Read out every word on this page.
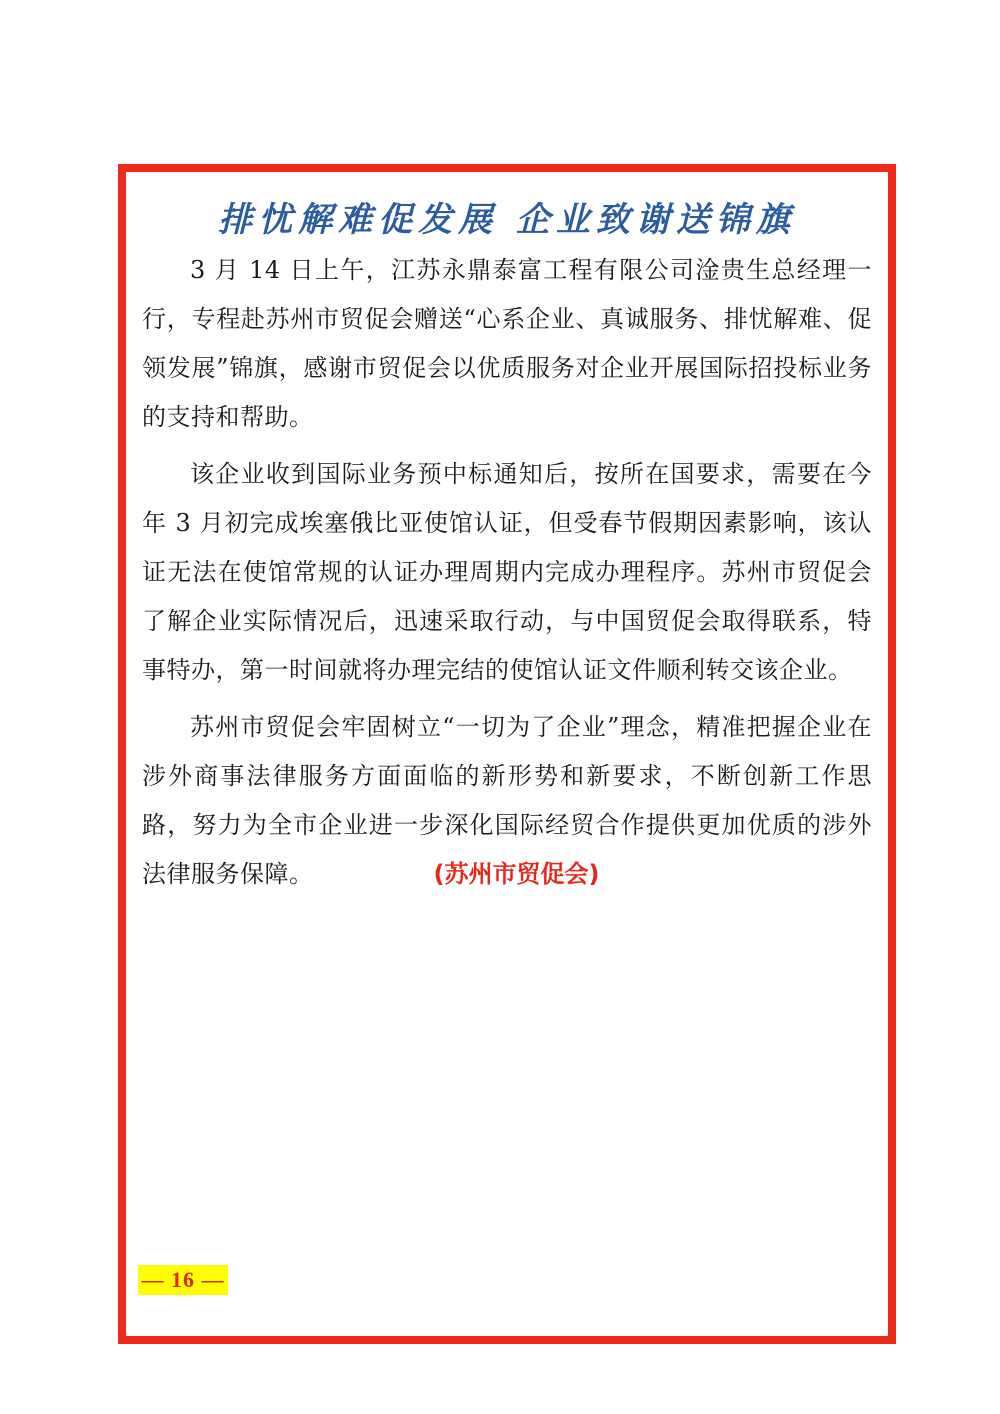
排忧解难促发展 企业致谢送锦旗

3 月 14 日上午，江苏永鼎泰富工程有限公司淦贵生总经理一行，专程赴苏州市贸促会赠送“心系企业、真诚服务、排忧解难、促领发展”锦旗，感谢市贸促会以优质服务对企业开展国际招投标业务的支持和帮助。

该企业收到国际业务预中标通知后，按所在国要求，需要在今年 3 月初完成埃塞俄比亚使馆认证，但受春节假期因素影响，该认证无法在使馆常规的认证办理周期内完成办理程序。苏州市贸促会了解企业实际情况后，迅速采取行动，与中国贸促会取得联系，特事特办，第一时间就将办理完结的使馆认证文件顺利转交该企业。

苏州市贸促会牢固树立“一切为了企业”理念，精准把握企业在涉外商事法律服务方面面临的新形势和新要求，不断创新工作思路，努力为全市企业进一步深化国际经贸合作提供更加优质的涉外法律服务保障。	(苏州市贸促会)

— 16 —
